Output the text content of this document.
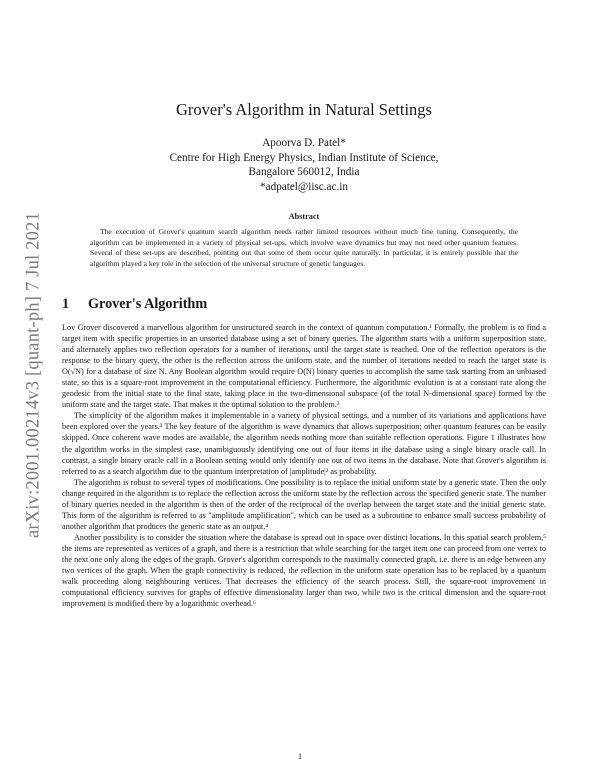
arXiv:2001.00214v3 [quant-ph] 7 Jul 2021
Grover's Algorithm in Natural Settings
Apoorva D. Patel*
Centre for High Energy Physics, Indian Institute of Science,
Bangalore 560012, India
*adpatel@iisc.ac.in
Abstract

The execution of Grover's quantum search algorithm needs rather limited resources without much fine tuning. Consequently, the algorithm can be implemented in a variety of physical set-ups, which involve wave dynamics but may not need other quantum features. Several of these set-ups are described, pointing out that some of them occur quite naturally. In particular, it is entirely possible that the algorithm played a key role in the selection of the universal structure of genetic languages.

1 Grover's Algorithm

Lov Grover discovered a marvellous algorithm for unstructured search in the context of quantum computation.¹ Formally, the problem is to find a target item with specific properties in an unsorted database using a set of binary queries. The algorithm starts with a uniform superposition state, and alternately applies two reflection operators for a number of iterations, until the target state is reached. One of the reflection operators is the response to the binary query, the other is the reflection across the uniform state, and the number of iterations needed to reach the target state is O(√N) for a database of size N. Any Boolean algorithm would require O(N) binary queries to accomplish the same task starting from an unbiased state, so this is a square-root improvement in the computational efficiency. Furthermore, the algorithmic evolution is at a constant rate along the geodesic from the initial state to the final state, taking place in the two-dimensional subspace (of the total N-dimensional space) formed by the uniform state and the target state. That makes it the optimal solution to the problem.²

The simplicity of the algorithm makes it implementable in a variety of physical settings, and a number of its variations and applications have been explored over the years.³ The key feature of the algorithm is wave dynamics that allows superposition; other quantum features can be easily skipped. Once coherent wave modes are available, the algorithm needs nothing more than suitable reflection operations. Figure 1 illustrates how the algorithm works in the simplest case, unambiguously identifying one out of four items in the database using a single binary oracle call. In contrast, a single binary oracle call in a Boolean setting would only identify one out of two items in the database. Note that Grover's algorithm is referred to as a search algorithm due to the quantum interpretation of |amplitude|² as probability.

The algorithm is robust to several types of modifications. One possibility is to replace the initial uniform state by a generic state. Then the only change required in the algorithm is to replace the reflection across the uniform state by the reflection across the specified generic state. The number of binary queries needed in the algorithm is then of the order of the reciprocal of the overlap between the target state and the initial generic state. This form of the algorithm is referred to as "amplitude amplification", which can be used as a subroutine to enhance small success probability of another algorithm that produces the generic state as an output.⁴

Another possibility is to consider the situation where the database is spread out in space over distinct locations. In this spatial search problem,⁵ the items are represented as vertices of a graph, and there is a restriction that while searching for the target item one can proceed from one vertex to the next one only along the edges of the graph. Grover's algorithm corresponds to the maximally connected graph, i.e. there is an edge between any two vertices of the graph. When the graph connectivity is reduced, the reflection in the uniform state operation has to be replaced by a quantum walk proceeding along neighbouring vertices. That decreases the efficiency of the search process. Still, the square-root improvement in computational efficiency survives for graphs of effective dimensionality larger than two, while two is the critical dimension and the square-root improvement is modified there by a logarithmic overhead.⁶

1
